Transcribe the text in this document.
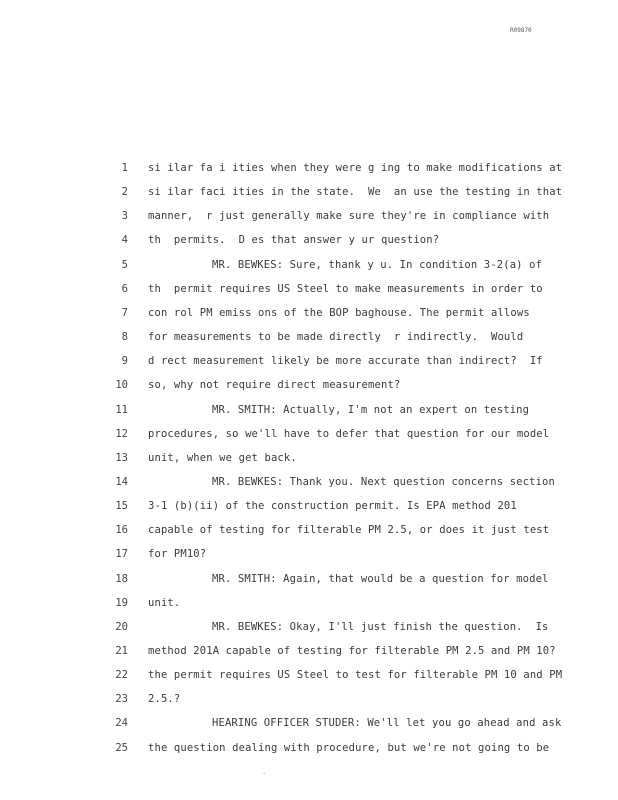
R09870
1 si ilar fa i ities when they were g ing to make modifications at
2 si ilar faci ities in the state.  We  an use the testing in that
3 manner,  r just generally make sure they're in compliance with
4 th  permits.  D es that answer y ur question?
5	MR. BEWKES: Sure, thank y u. In condition 3-2(a) of
6 th  permit requires US Steel to make measurements in order to
7 con rol PM emiss ons of the BOP baghouse. The permit allows
8 for measurements to be made directly  r indirectly.  Would
9 d rect measurement likely be more accurate than indirect?  If
10 so, why not require direct measurement?
11	MR. SMITH: Actually, I'm not an expert on testing
12 procedures, so we'll have to defer that question for our model
13 unit, when we get back.
14	MR. BEWKES: Thank you. Next question concerns section
15 3-1 (b)(ii) of the construction permit. Is EPA method 201
16 capable of testing for filterable PM 2.5, or does it just test
17 for PM10?
18	MR. SMITH: Again, that would be a question for model
19 unit.
20	MR. BEWKES: Okay, I'll just finish the question.  Is
21 method 201A capable of testing for filterable PM 2.5 and PM 10?
22 the permit requires US Steel to test for filterable PM 10 and PM
23 2.5.?
24	HEARING OFFICER STUDER: We'll let you go ahead and ask
25 the question dealing with procedure, but we're not going to be
.
